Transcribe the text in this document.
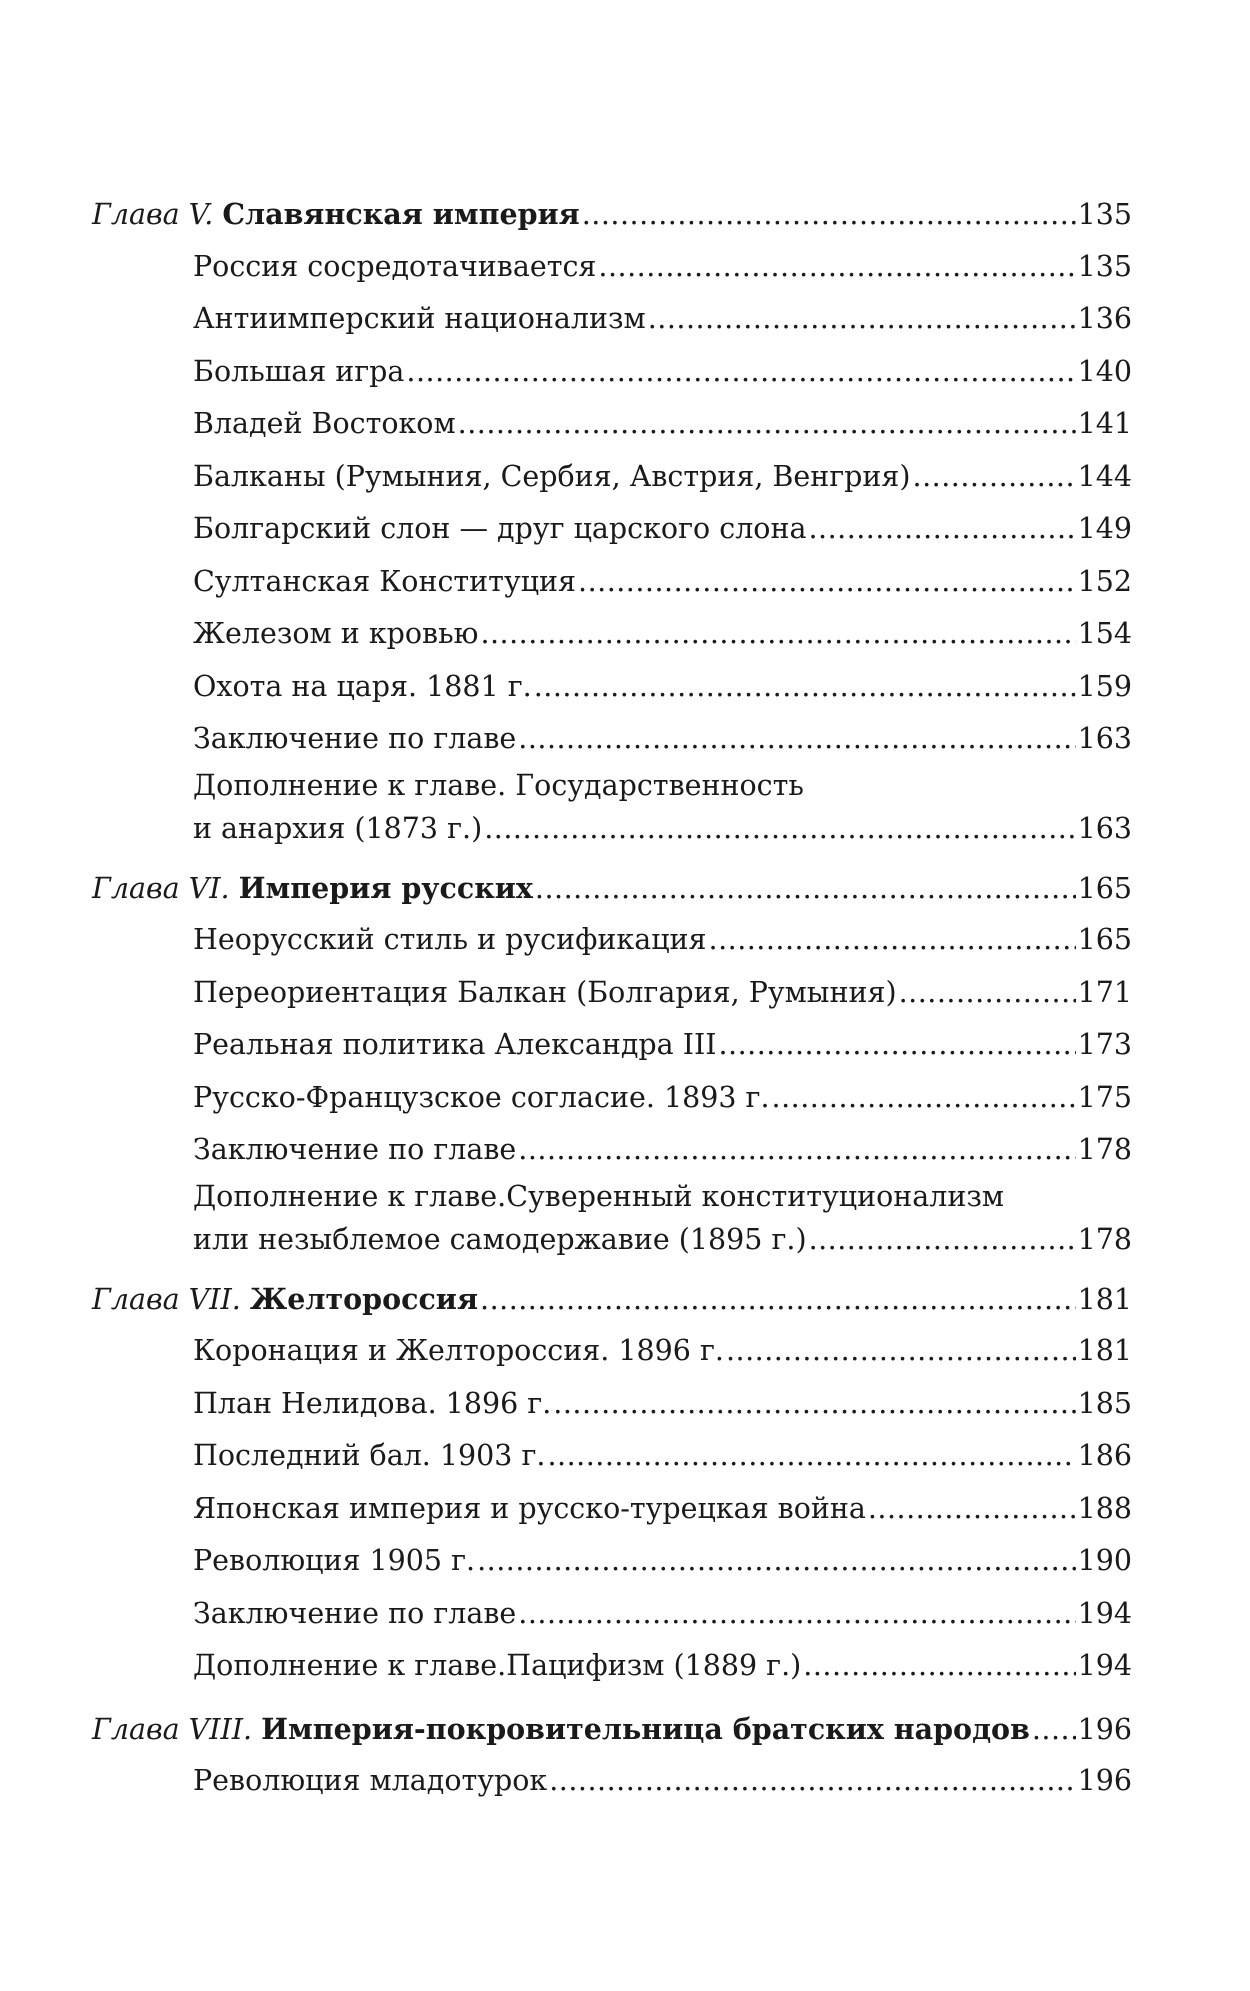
Глава V. Славянская империя .....	135
Россия сосредотачивается .....	135
Антиимперский национализм .....	136
Большая игра .....	140
Владей Востоком .....	141
Балканы (Румыния, Сербия, Австрия, Венгрия) .....	144
Болгарский слон — друг царского слона .....	149
Султанская Конституция .....	152
Железом и кровью .....	154
Охота на царя. 1881 г. .....	159
Заключение по главе .....	163
Дополнение к главе. Государственность
и анархия (1873 г.) .....	163
Глава VI. Империя русских .....	165
Неорусский стиль и русификация .....	165
Переориентация Балкан (Болгария, Румыния) .....	171
Реальная политика Александра III .....	173
Русско-Французское согласие. 1893 г. .....	175
Заключение по главе .....	178
Дополнение к главе.Суверенный конституционализм
или незыблемое самодержавие (1895 г.) .....	178
Глава VII. Желтороссия .....	181
Коронация и Желтороссия. 1896 г. .....	181
План Нелидова. 1896 г. .....	185
Последний бал. 1903 г. .....	186
Японская империя и русско-турецкая война .....	188
Революция 1905 г. .....	190
Заключение по главе .....	194
Дополнение к главе.Пацифизм (1889 г.) .....	194
Глава VIII. Империя-покровительница братских народов ..... 196
Революция младотурок .....	196
